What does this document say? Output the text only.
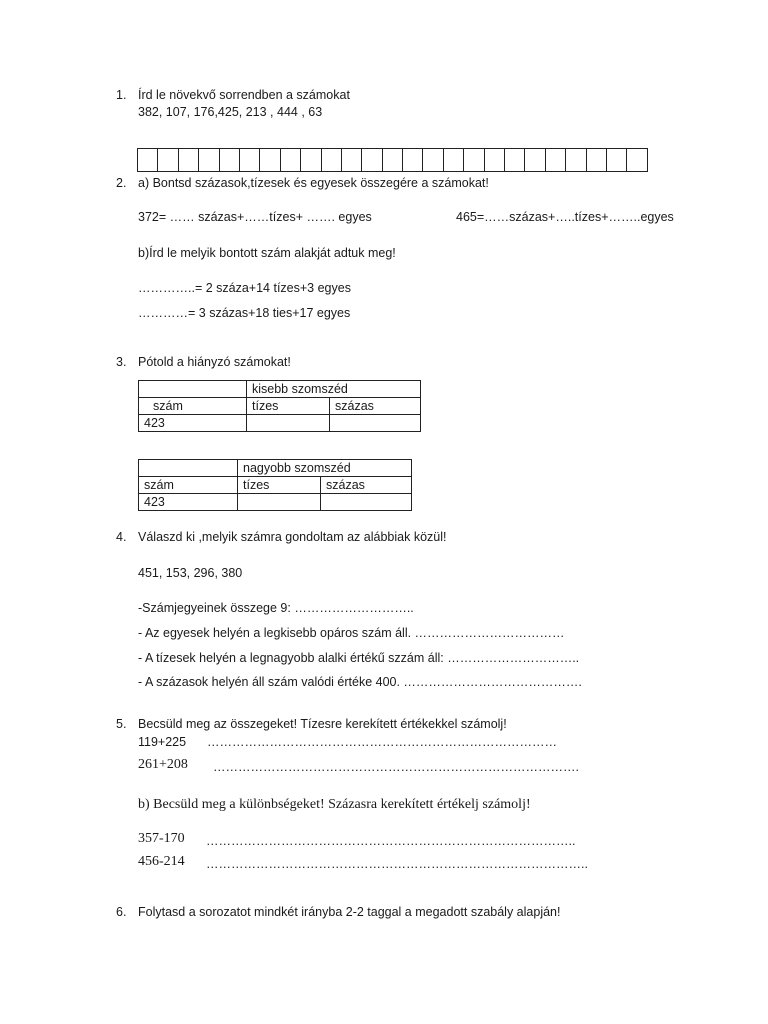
1. Írd le növekvő sorrendben a számokat
382, 107, 176,425, 213 , 444 , 63
2. a) Bontsd százasok,tízesek és egyesek összegére a számokat!
372= …… százas+……tízes+ ……. egyes	465=……százas+…..tízes+……..egyes
b)Írd le melyik bontott szám alakját adtuk meg!
…………..= 2 száza+14 tízes+3 egyes
…………= 3 százas+18 ties+17 egyes
3. Pótold a hiányzó számokat!
	kisebb szomszéd	
szám	tízes	százas
423		
	nagyobb szomszéd	
szám	tízes	százas
423		
4. Válaszd ki ,melyik számra gondoltam az alábbiak közül!
451, 153, 296, 380
-Számjegyeinek összege 9: ………………………..
- Az egyesek helyén a legkisebb opáros szám áll. ………………………………
- A tízesek helyén a legnagyobb alalki értékű szzám áll: …………………………..
- A százasok helyén áll szám valódi értéke 400. …………………………………….
5. Becsüld meg az összegeket! Tízesre kerekített értékekkel számolj!
119+225 …………………………………………………………………………
261+208 …………………………………………………………………………….
b) Becsüld meg a különbségeket! Százasra kerekített értékelj számolj!
357-170 ……………………………………………………………………………..
456-214 ………………………………………………………………………………..
6. Folytasd a sorozatot mindkét irányba 2-2 taggal a megadott szabály alapján!
